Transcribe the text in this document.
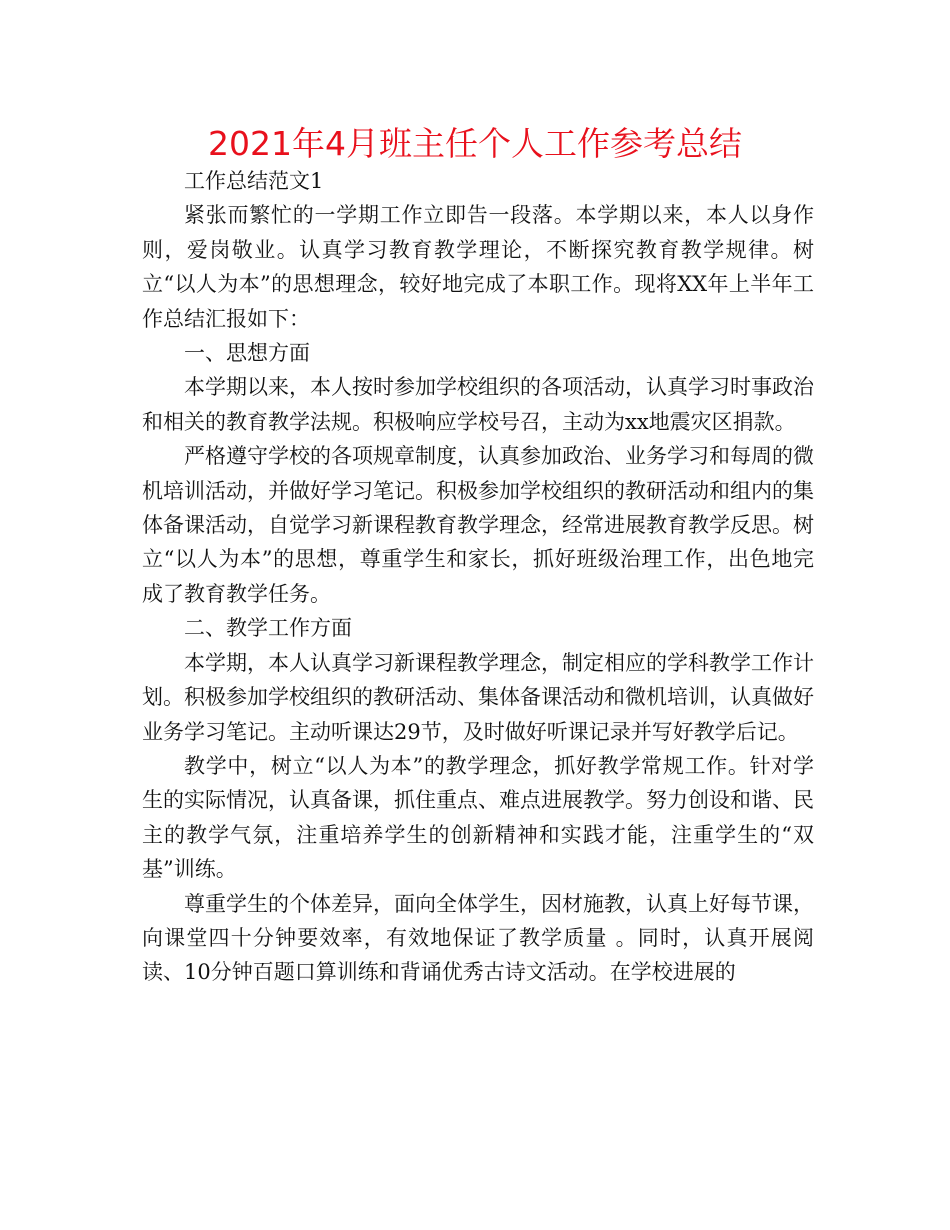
2021年4月班主任个人工作参考总结

工作总结范文1

紧张而繁忙的一学期工作立即告一段落。本学期以来，本人以身作则，爱岗敬业。认真学习教育教学理论，不断探究教育教学规律。树立“以人为本”的思想理念，较好地完成了本职工作。现将XX年上半年工作总结汇报如下：

一、思想方面

本学期以来，本人按时参加学校组织的各项活动，认真学习时事政治和相关的教育教学法规。积极响应学校号召，主动为xx地震灾区捐款。

严格遵守学校的各项规章制度，认真参加政治、业务学习和每周的微机培训活动，并做好学习笔记。积极参加学校组织的教研活动和组内的集体备课活动，自觉学习新课程教育教学理念，经常进展教育教学反思。树立“以人为本”的思想，尊重学生和家长，抓好班级治理工作，出色地完成了教育教学任务。

二、教学工作方面

本学期，本人认真学习新课程教学理念，制定相应的学科教学工作计划。积极参加学校组织的教研活动、集体备课活动和微机培训，认真做好业务学习笔记。主动听课达29节，及时做好听课记录并写好教学后记。

教学中，树立“以人为本”的教学理念，抓好教学常规工作。针对学生的实际情况，认真备课，抓住重点、难点进展教学。努力创设和谐、民主的教学气氛，注重培养学生的创新精神和实践才能，注重学生的“双基”训练。

尊重学生的个体差异，面向全体学生，因材施教，认真上好每节课，向课堂四十分钟要效率，有效地保证了教学质量 。同时，认真开展阅读、10分钟百题口算训练和背诵优秀古诗文活动。在学校进展的
